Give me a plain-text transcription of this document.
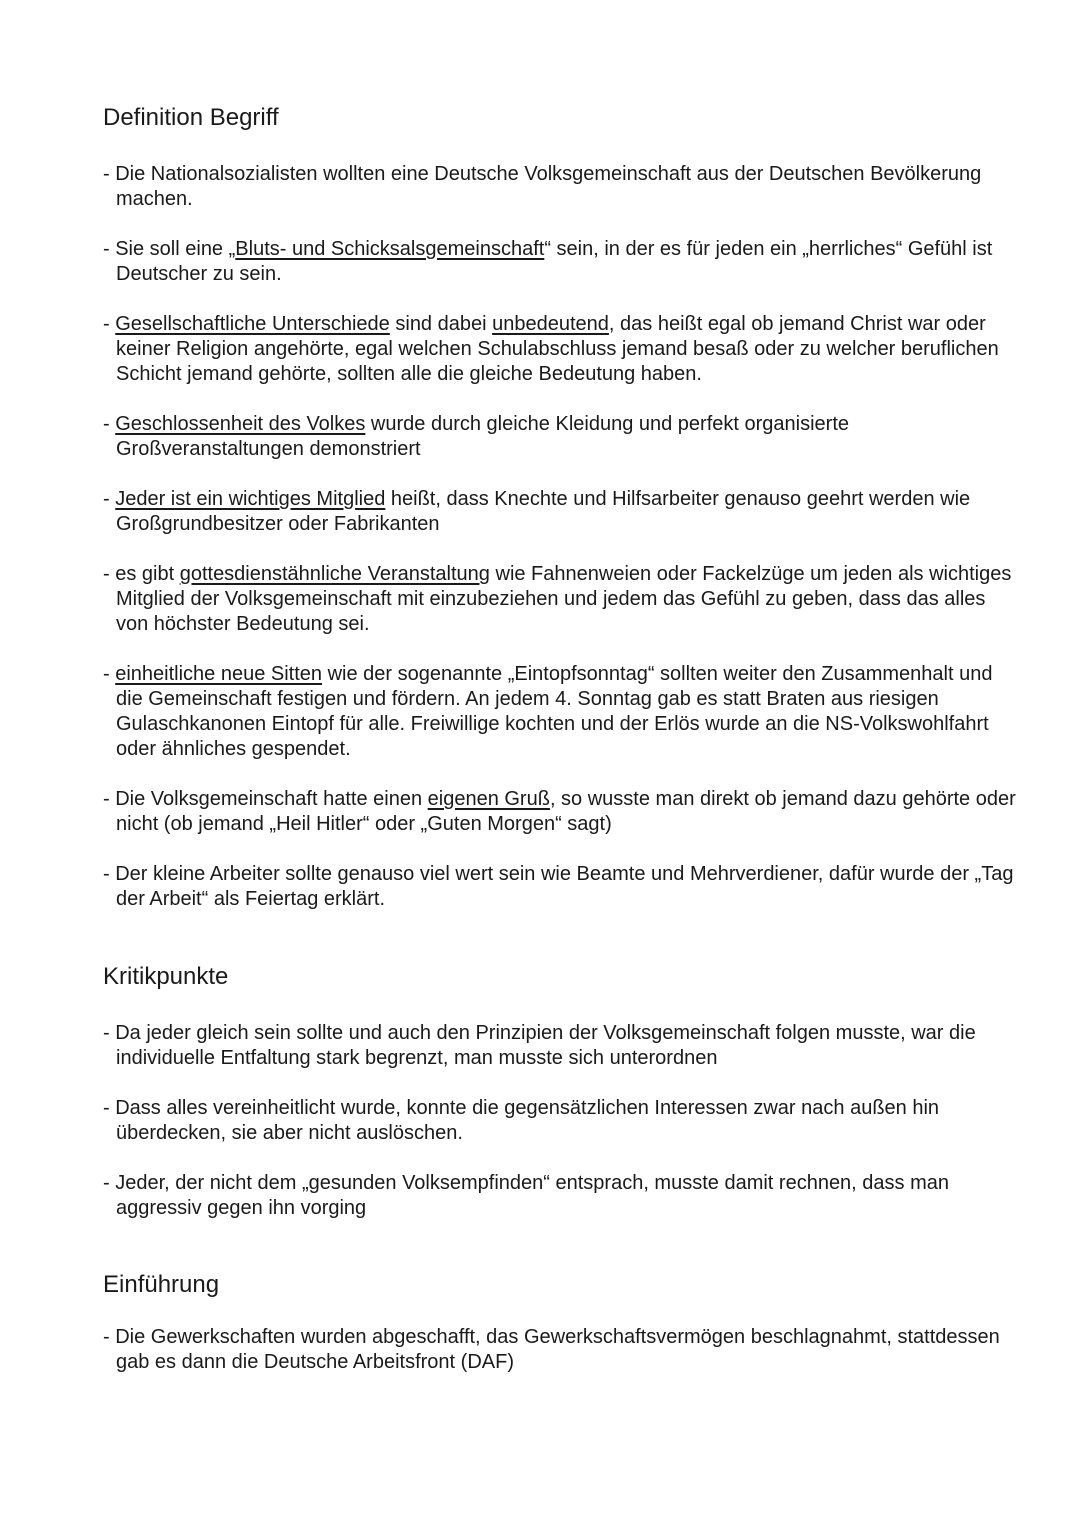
Definition Begriff

- Die Nationalsozialisten wollten eine Deutsche Volksgemeinschaft aus der Deutschen Bevölkerung machen.

- Sie soll eine „Bluts- und Schicksalsgemeinschaft“ sein, in der es für jeden ein „herrliches“ Gefühl ist Deutscher zu sein.

- Gesellschaftliche Unterschiede sind dabei unbedeutend, das heißt egal ob jemand Christ war oder keiner Religion angehörte, egal welchen Schulabschluss jemand besaß oder zu welcher beruflichen Schicht jemand gehörte, sollten alle die gleiche Bedeutung haben.

- Geschlossenheit des Volkes wurde durch gleiche Kleidung und perfekt organisierte Großveranstaltungen demonstriert

- Jeder ist ein wichtiges Mitglied heißt, dass Knechte und Hilfsarbeiter genauso geehrt werden wie Großgrundbesitzer oder Fabrikanten

- es gibt gottesdienstähnliche Veranstaltung wie Fahnenweien oder Fackelzüge um jeden als wichtiges Mitglied der Volksgemeinschaft mit einzubeziehen und jedem das Gefühl zu geben, dass das alles von höchster Bedeutung sei.

- einheitliche neue Sitten wie der sogenannte „Eintopfsonntag“ sollten weiter den Zusammenhalt und die Gemeinschaft festigen und fördern. An jedem 4. Sonntag gab es statt Braten aus riesigen Gulaschkanonen Eintopf für alle. Freiwillige kochten und der Erlös wurde an die NS-Volkswohlfahrt oder ähnliches gespendet.

- Die Volksgemeinschaft hatte einen eigenen Gruß, so wusste man direkt ob jemand dazu gehörte oder nicht (ob jemand „Heil Hitler“ oder „Guten Morgen“ sagt)

- Der kleine Arbeiter sollte genauso viel wert sein wie Beamte und Mehrverdiener, dafür wurde der „Tag der Arbeit“ als Feiertag erklärt.

Kritikpunkte

- Da jeder gleich sein sollte und auch den Prinzipien der Volksgemeinschaft folgen musste, war die individuelle Entfaltung stark begrenzt, man musste sich unterordnen

- Dass alles vereinheitlicht wurde, konnte die gegensätzlichen Interessen zwar nach außen hin überdecken, sie aber nicht auslöschen.

- Jeder, der nicht dem „gesunden Volksempfinden“ entsprach, musste damit rechnen, dass man aggressiv gegen ihn vorging

Einführung

- Die Gewerkschaften wurden abgeschafft, das Gewerkschaftsvermögen beschlagnahmt, stattdessen gab es dann die Deutsche Arbeitsfront (DAF)
